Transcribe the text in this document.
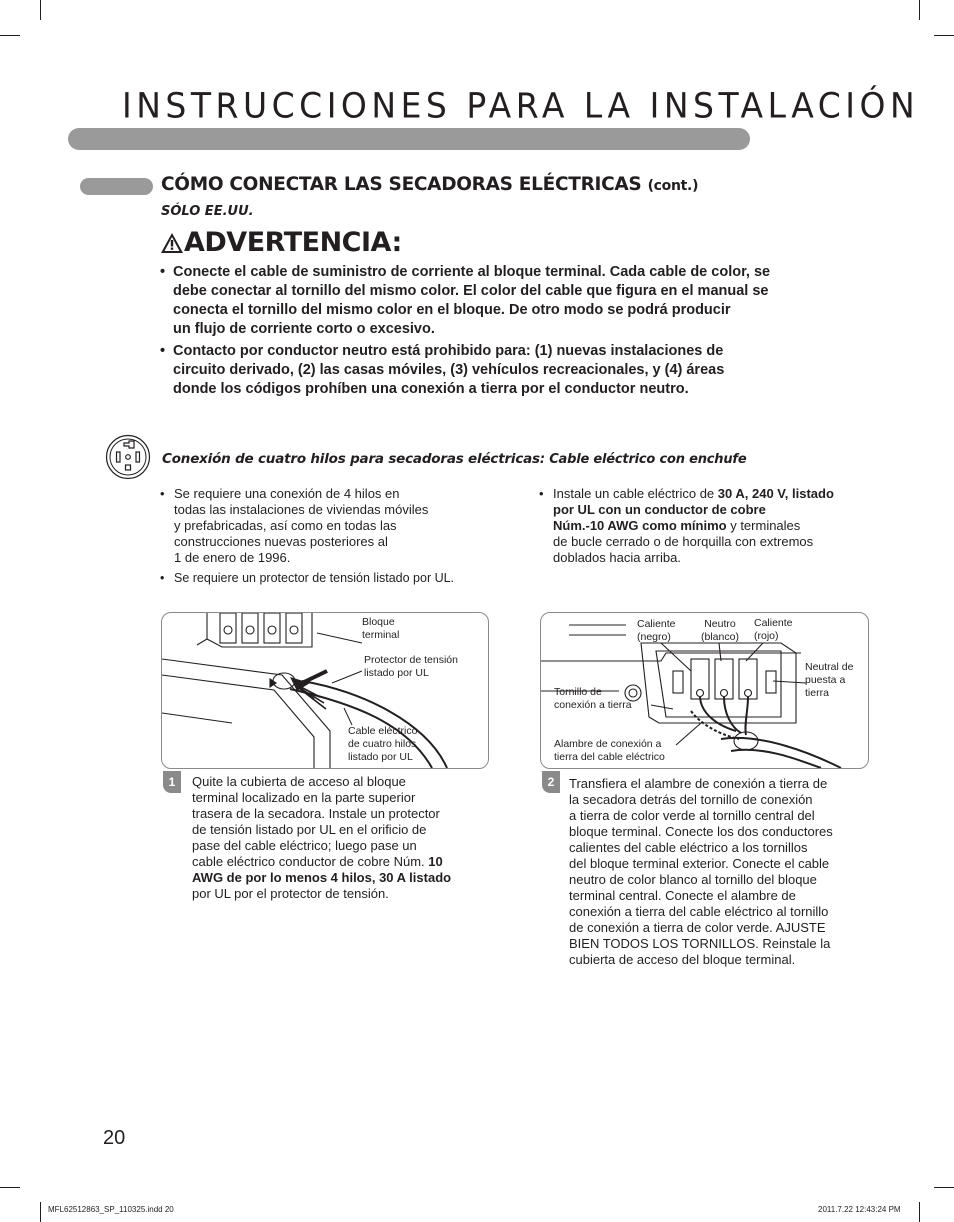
INSTRUCCIONES PARA LA INSTALACIÓN
CÓMO CONECTAR LAS SECADORAS ELÉCTRICAS (cont.)
SÓLO EE.UU.
ADVERTENCIA:
• Conecte el cable de suministro de corriente al bloque terminal. Cada cable de color, se
debe conectar al tornillo del mismo color. El color del cable que figura en el manual se
conecta el tornillo del mismo color en el bloque. De otro modo se podrá producir
un flujo de corriente corto o excesivo.
• Contacto por conductor neutro está prohibido para: (1) nuevas instalaciones de
circuito derivado, (2) las casas móviles, (3) vehículos recreacionales, y (4) áreas
donde los códigos prohíben una conexión a tierra por el conductor neutro.
Conexión de cuatro hilos para secadoras eléctricas: Cable eléctrico con enchufe
• Se requiere una conexión de 4 hilos en
todas las instalaciones de viviendas móviles
y prefabricadas, así como en todas las
construcciones nuevas posteriores al
1 de enero de 1996.
• Se requiere un protector de tensión listado por UL.
• Instale un cable eléctrico de 30 A, 240 V, listado
por UL con un conductor de cobre
Núm.-10 AWG como mínimo y terminales
de bucle cerrado o de horquilla con extremos
doblados hacia arriba.
Bloque
terminal
Protector de tensión
listado por UL
Cable eléctrico
de cuatro hilos
listado por UL
1	Quite la cubierta de acceso al bloque
terminal localizado en la parte superior
trasera de la secadora. Instale un protector
de tensión listado por UL en el orificio de
pase del cable eléctrico; luego pase un
cable eléctrico conductor de cobre Núm. 10
AWG de por lo menos 4 hilos, 30 A listado
por UL por el protector de tensión.
Caliente
(negro)
Neutro
(blanco)
Caliente
(rojo)
Neutral de
puesta a
tierra
Tornillo de
conexión a tierra
Alambre de conexión a
tierra del cable eléctrico
2	Transfiera el alambre de conexión a tierra de
la secadora detrás del tornillo de conexión
a tierra de color verde al tornillo central del
bloque terminal. Conecte los dos conductores
calientes del cable eléctrico a los tornillos
del bloque terminal exterior. Conecte el cable
neutro de color blanco al tornillo del bloque
terminal central. Conecte el alambre de
conexión a tierra del cable eléctrico al tornillo
de conexión a tierra de color verde. AJUSTE
BIEN TODOS LOS TORNILLOS. Reinstale la
cubierta de acceso del bloque terminal.
20
MFL62512863_SP_110325.indd 20	2011.7.22 12:43:24 PM
